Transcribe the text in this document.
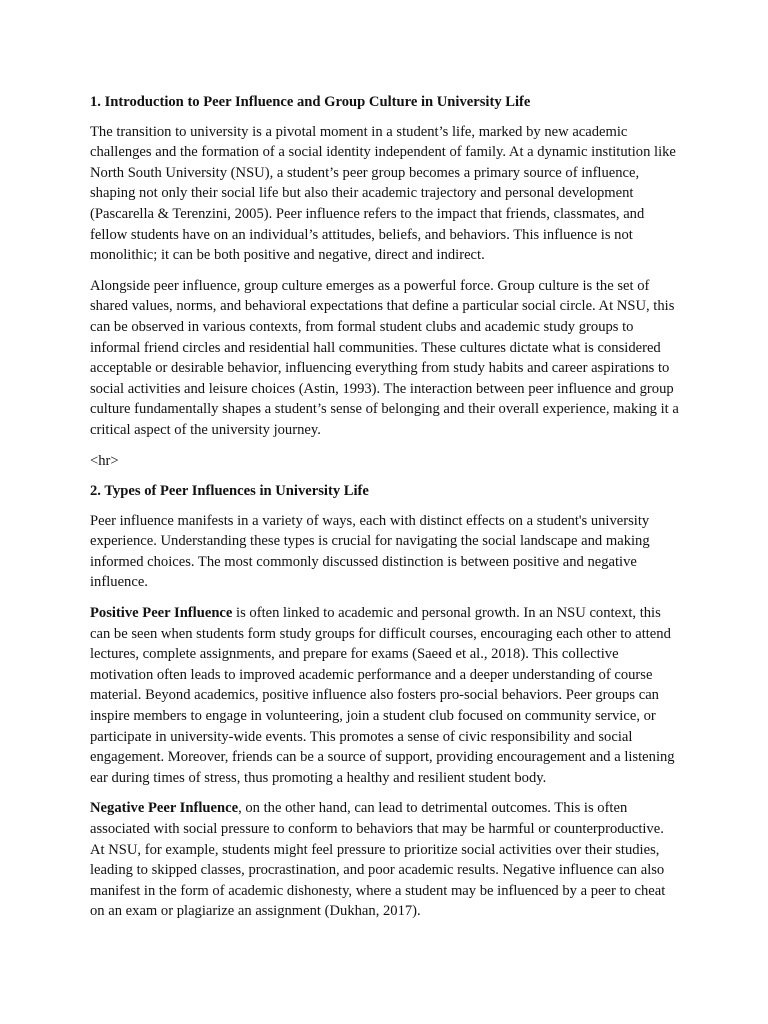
1. Introduction to Peer Influence and Group Culture in University Life

The transition to university is a pivotal moment in a student’s life, marked by new academic challenges and the formation of a social identity independent of family. At a dynamic institution like North South University (NSU), a student’s peer group becomes a primary source of influence, shaping not only their social life but also their academic trajectory and personal development (Pascarella & Terenzini, 2005). Peer influence refers to the impact that friends, classmates, and fellow students have on an individual’s attitudes, beliefs, and behaviors. This influence is not monolithic; it can be both positive and negative, direct and indirect.

Alongside peer influence, group culture emerges as a powerful force. Group culture is the set of shared values, norms, and behavioral expectations that define a particular social circle. At NSU, this can be observed in various contexts, from formal student clubs and academic study groups to informal friend circles and residential hall communities. These cultures dictate what is considered acceptable or desirable behavior, influencing everything from study habits and career aspirations to social activities and leisure choices (Astin, 1993). The interaction between peer influence and group culture fundamentally shapes a student’s sense of belonging and their overall experience, making it a critical aspect of the university journey.

<hr>

2. Types of Peer Influences in University Life

Peer influence manifests in a variety of ways, each with distinct effects on a student's university experience. Understanding these types is crucial for navigating the social landscape and making informed choices. The most commonly discussed distinction is between positive and negative influence.

Positive Peer Influence is often linked to academic and personal growth. In an NSU context, this can be seen when students form study groups for difficult courses, encouraging each other to attend lectures, complete assignments, and prepare for exams (Saeed et al., 2018). This collective motivation often leads to improved academic performance and a deeper understanding of course material. Beyond academics, positive influence also fosters pro-social behaviors. Peer groups can inspire members to engage in volunteering, join a student club focused on community service, or participate in university-wide events. This promotes a sense of civic responsibility and social engagement. Moreover, friends can be a source of support, providing encouragement and a listening ear during times of stress, thus promoting a healthy and resilient student body.

Negative Peer Influence, on the other hand, can lead to detrimental outcomes. This is often associated with social pressure to conform to behaviors that may be harmful or counterproductive. At NSU, for example, students might feel pressure to prioritize social activities over their studies, leading to skipped classes, procrastination, and poor academic results. Negative influence can also manifest in the form of academic dishonesty, where a student may be influenced by a peer to cheat on an exam or plagiarize an assignment (Dukhan, 2017).
